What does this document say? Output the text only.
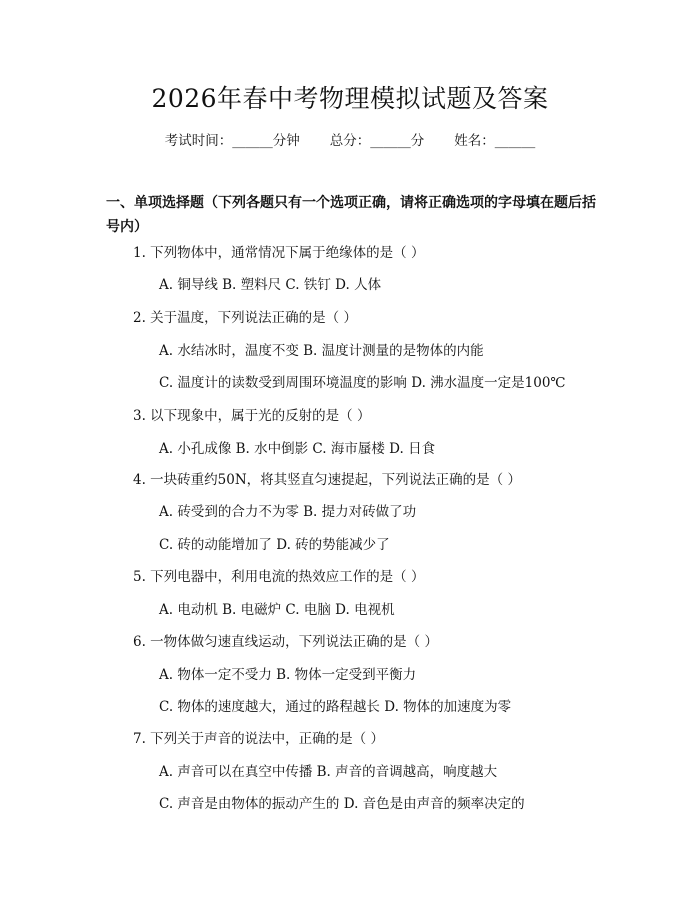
2026年春中考物理模拟试题及答案
考试时间：______分钟 总分：______分 姓名：______
一、单项选择题（下列各题只有一个选项正确，请将正确选项的字母填在题后括号内）
1. 下列物体中，通常情况下属于绝缘体的是（ ）
A. 铜导线 B. 塑料尺 C. 铁钉 D. 人体
2. 关于温度，下列说法正确的是（ ）
A. 水结冰时，温度不变 B. 温度计测量的是物体的内能
C. 温度计的读数受到周围环境温度的影响 D. 沸水温度一定是100℃
3. 以下现象中，属于光的反射的是（ ）
A. 小孔成像 B. 水中倒影 C. 海市蜃楼 D. 日食
4. 一块砖重约50N，将其竖直匀速提起，下列说法正确的是（ ）
A. 砖受到的合力不为零 B. 提力对砖做了功
C. 砖的动能增加了 D. 砖的势能减少了
5. 下列电器中，利用电流的热效应工作的是（ ）
A. 电动机 B. 电磁炉 C. 电脑 D. 电视机
6. 一物体做匀速直线运动，下列说法正确的是（ ）
A. 物体一定不受力 B. 物体一定受到平衡力
C. 物体的速度越大，通过的路程越长 D. 物体的加速度为零
7. 下列关于声音的说法中，正确的是（ ）
A. 声音可以在真空中传播 B. 声音的音调越高，响度越大
C. 声音是由物体的振动产生的 D. 音色是由声音的频率决定的
